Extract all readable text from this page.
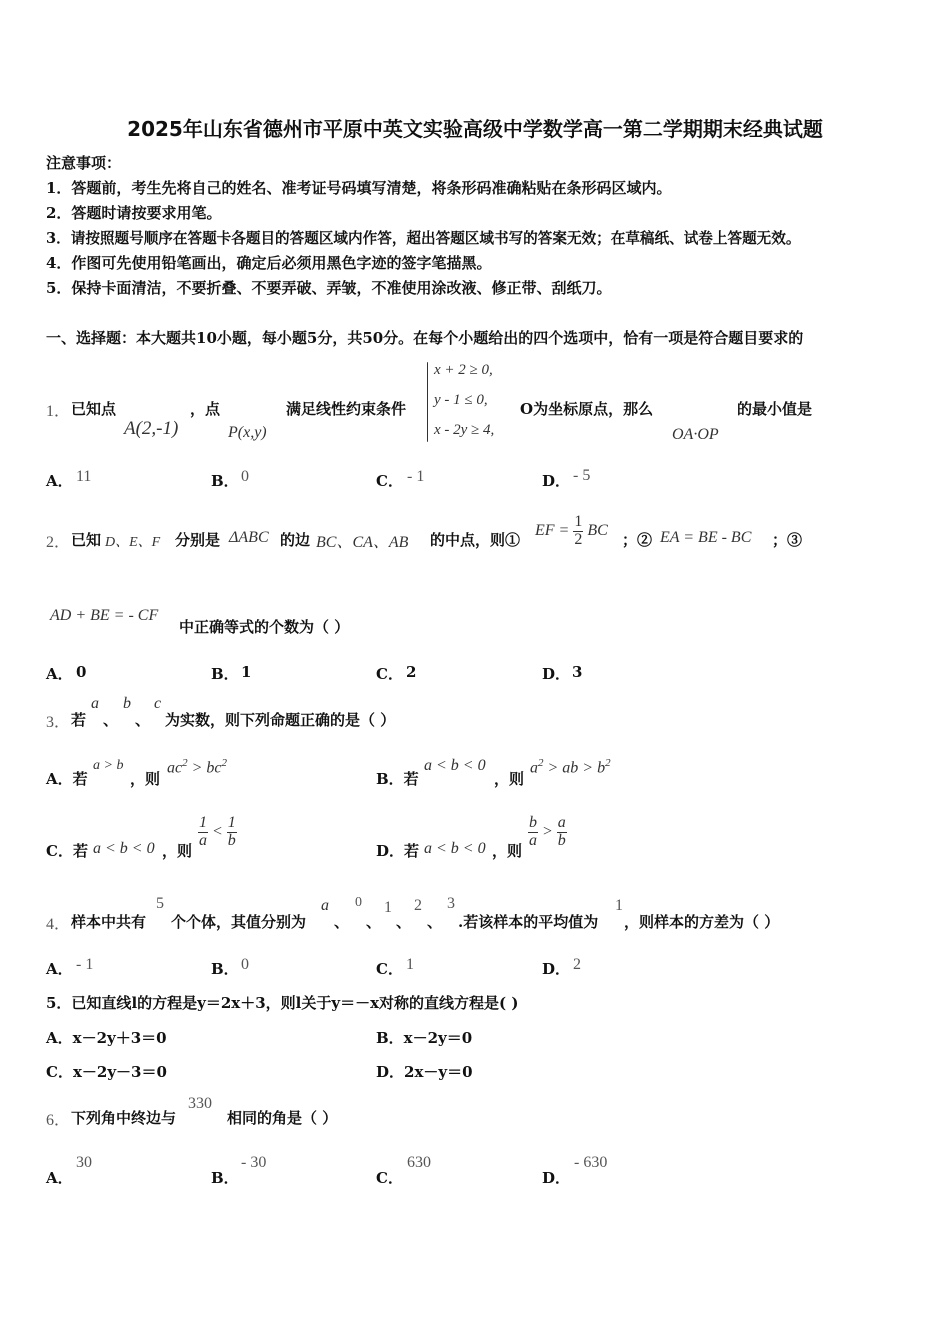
2025年山东省德州市平原中英文实验高级中学数学高一第二学期期末经典试题
注意事项：
1．答题前，考生先将自己的姓名、准考证号码填写清楚，将条形码准确粘贴在条形码区域内。
2．答题时请按要求用笔。
3．请按照题号顺序在答题卡各题目的答题区域内作答，超出答题区域书写的答案无效；在草稿纸、试卷上答题无效。
4．作图可先使用铅笔画出，确定后必须用黑色字迹的签字笔描黑。
5．保持卡面清洁，不要折叠、不要弄破、弄皱，不准使用涂改液、修正带、刮纸刀。
一、选择题：本大题共10小题，每小题5分，共50分。在每个小题给出的四个选项中，恰有一项是符合题目要求的
1． 已知点
A(2,-1)
，点
P(x,y)
满足线性约束条件
x + 2 ≥ 0,
y - 1 ≤ 0,
x - 2y ≥ 4,
O为坐标原点，那么
OA·OP
的最小值是
A． 11	B． 0	C． - 1	D． - 5
2． 已知 D、E、F 分别是 ΔABC 的边 BC、CA、AB 的中点，则①
EF = $\frac{1}{2}$ BC
；② EA = BE - BC ；③
AD + BE = - CF
中正确等式的个数为（ ）
A． 0	B． 1	C． 2	D． 3
3． 若
a
、
b
、
c
为实数，则下列命题正确的是（ ）
A．若
a > b
，则
$ac^2 > bc^2$
B．若
a < b < 0
，则
$a^2$ > ab > $b^2$
C．若 a < b < 0 ，则
$\frac{1}{a} < \frac{1}{b}$
D．若 a < b < 0 ，则
$\frac{b}{a} > \frac{a}{b}$
4． 样本中共有
5
个个体，其值分别为
a
、
0
、
1
、
2
、
3
.若该样本的平均值为
1
，则样本的方差为（ ）
A． - 1	B． 0	C． 1	D． 2
5．已知直线l的方程是y＝2x＋3，则l关于y＝－x对称的直线方程是( )
A．x－2y＋3＝0	B．x－2y＝0
C．x－2y－3＝0	D．2x－y＝0
6． 下列角中终边与
330
相同的角是（ ）
A．
30
B．
- 30
C．
630
D．
- 630
